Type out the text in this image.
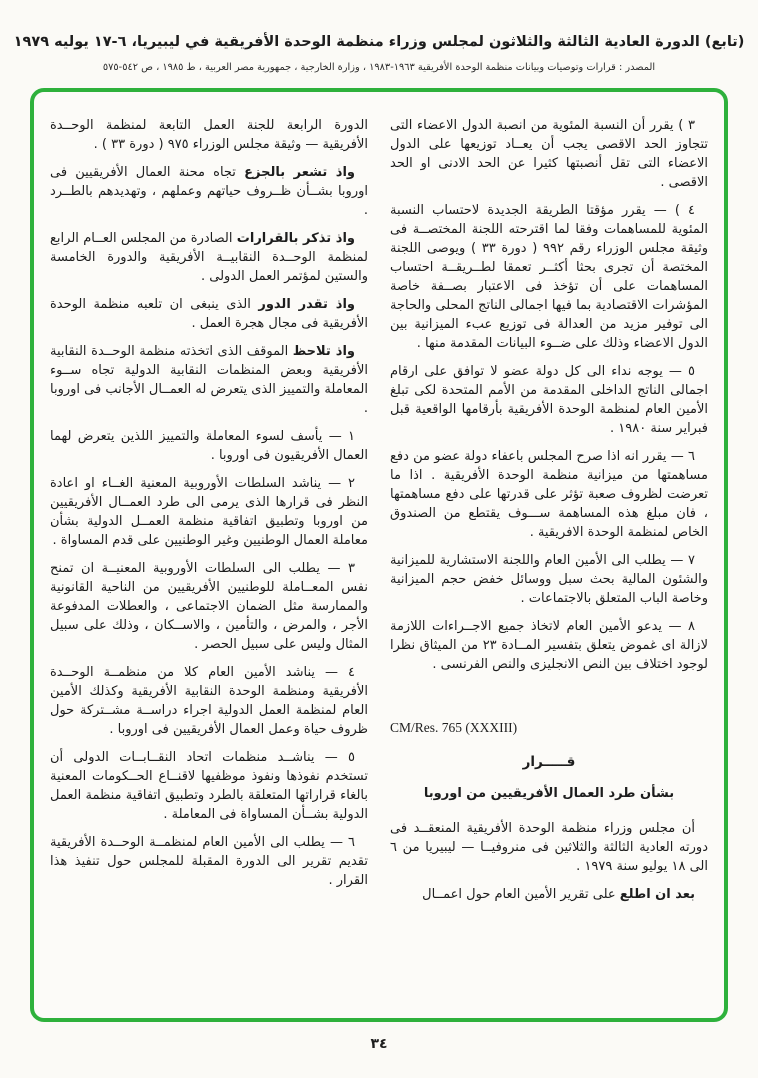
(تابع) الدورة العادية الثالثة والثلاثون لمجلس وزراء منظمة الوحدة الأفريقية في ليبيريا، ٦-١٧ يوليه ١٩٧٩
المصدر : قرارات وتوصيات وبيانات منظمة الوحدة الأفريقية ١٩٦٣-١٩٨٣ ، وزارة الخارجية ، جمهورية مصر العربية ، ط ١٩٨٥ ، ص ٥٤٢-٥٧٥

٣ ) يقرر أن النسبة المئوية من انصبة الدول الاعضاء التى تتجاوز الحد الاقصى يجب أن يعــاد توزيعها على الدول الاعضاء التى تقل أنصبتها كثيرا عن الحد الادنى او الحد الاقصى .

٤ ) — يقرر مؤقتا الطريقة الجديدة لاحتساب النسبة المئوية للمساهمات وفقا لما اقترحته اللجنة المختصــة فى وثيقة مجلس الوزراء رقم ٩٩٢ ( دورة ٣٣ ) ويوصى اللجنة المختصة أن تجرى بحثا أكثــر تعمقا لطــريقــة احتساب المساهمات على أن تؤخذ فى الاعتبار بصــفة خاصة المؤشرات الاقتصادية بما فيها اجمالى الناتج المحلى والحاجة الى توفير مزيد من العدالة فى توزيع عبء الميزانية بين الدول الاعضاء وذلك على ضــوء البيانات المقدمة منها .

٥ — يوجه نداء الى كل دولة عضو لا توافق على ارقام اجمالى الناتج الداخلى المقدمة من الأمم المتحدة لكى تبلغ الأمين العام لمنظمة الوحدة الأفريقية بأرقامها الواقعية قبل فبراير سنة ١٩٨٠ .

٦ — يقرر انه اذا صرح المجلس باعفاء دولة عضو من دفع مساهمتها من ميزانية منظمة الوحدة الأفريقية . اذا ما تعرضت لظروف صعبة تؤثر على قدرتها على دفع مساهمتها ، فان مبلغ هذه المساهمة ســـوف يقتطع من الصندوق الخاص لمنظمة الوحدة الافريقية .

٧ — يطلب الى الأمين العام واللجنة الاستشارية للميزانية والشئون المالية بحث سبل ووسائل خفض حجم الميزانية وخاصة الباب المتعلق بالاجتماعات .

٨ — يدعو الأمين العام لاتخاذ جميع الاجــراءات اللازمة لازالة اى غموض يتعلق بتفسير المــادة ٢٣ من الميثاق نظرا لوجود اختلاف بين النص الانجليزى والنص الفرنسى .

CM/Res. 765 (XXXIII)

قـــــرار

بشأن طرد العمال الأفريقيين من اوروبا

أن مجلس وزراء منظمة الوحدة الأفريقية المنعقــد فى دورته العادية الثالثة والثلاثين فى منروفيــا — ليبيريا من ٦ الى ١٨ يوليو سنة ١٩٧٩ .

بعد ان اطلع على تقرير الأمين العام حول اعمــال

الدورة الرابعة للجنة العمل التابعة لمنظمة الوحــدة الأفريقية — وثيقة مجلس الوزراء ٩٧٥ ( دورة ٣٣ ) .

واذ تشعر بالجزع تجاه محنة العمال الأفريقيين فى اوروبا بشــأن ظــروف حياتهم وعملهم ، وتهديدهم بالطــرد .

واذ تذكر بالقرارات الصادرة من المجلس العــام الرابع لمنظمة الوحــدة النقابيــة الأفريقية والدورة الخامسة والستين لمؤتمر العمل الدولى .

واذ تقدر الدور الذى ينبغى ان تلعبه منظمة الوحدة الأفريقية فى مجال هجرة العمل .

واذ تلاحظ الموقف الذى اتخذته منظمة الوحــدة النقابية الأفريقية وبعض المنظمات النقابية الدولية تجاه ســوء المعاملة والتمييز الذى يتعرض له العمــال الأجانب فى اوروبا .

١ — يأسف لسوء المعاملة والتمييز اللذين يتعرض لهما العمال الأفريقيون فى اوروبا .

٢ — يناشد السلطات الأوروبية المعنية الغــاء او اعادة النظر فى قرارها الذى يرمى الى طرد العمــال الأفريقيين من اوروبا وتطبيق اتفاقية منظمة العمــل الدولية بشأن معاملة العمال الوطنيين وغير الوطنيين على قدم المساواة .

٣ — يطلب الى السلطات الأوروبية المعنيــة ان تمنح نفس المعــاملة للوطنيين الأفريقيين من الناحية القانونية والممارسة مثل الضمان الاجتماعى ، والعطلات المدفوعة الأجر ، والمرض ، والتأمين ، والاســكان ، وذلك على سبيل المثال وليس على سبيل الحصر .

٤ — يناشد الأمين العام كلا من منظمــة الوحــدة الأفريقية ومنظمة الوحدة النقابية الأفريقية وكذلك الأمين العام لمنظمة العمل الدولية اجراء دراســة مشــتركة حول ظروف حياة وعمل العمال الأفريقيين فى اوروبا .

٥ — يناشــد منظمات اتحاد النقــابــات الدولى أن تستخدم نفوذها ونفوذ موظفيها لاقنــاع الحــكومات المعنية بالغاء قراراتها المتعلقة بالطرد وتطبيق اتفاقية منظمة العمل الدولية بشــأن المساواة فى المعاملة .

٦ — يطلب الى الأمين العام لمنظمــة الوحــدة الأفريقية تقديم تقرير الى الدورة المقبلة للمجلس حول تنفيذ هذا القرار .

٣٤
